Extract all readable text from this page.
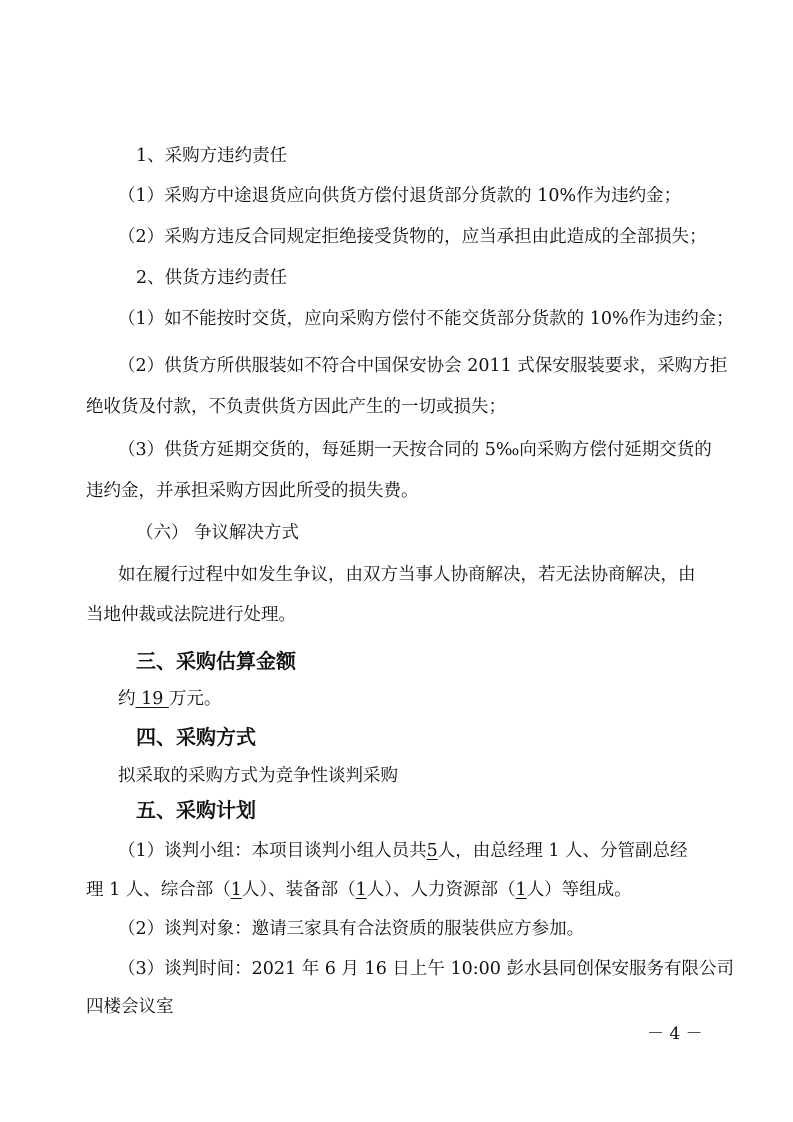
1、采购方违约责任
（1）采购方中途退货应向供货方偿付退货部分货款的 10%作为违约金；
（2）采购方违反合同规定拒绝接受货物的，应当承担由此造成的全部损失；
2、供货方违约责任
（1）如不能按时交货，应向采购方偿付不能交货部分货款的 10%作为违约金；
（2）供货方所供服装如不符合中国保安协会 2011 式保安服装要求，采购方拒
绝收货及付款，不负责供货方因此产生的一切或损失；
（3）供货方延期交货的，每延期一天按合同的 5‰向采购方偿付延期交货的
违约金，并承担采购方因此所受的损失费。
（六） 争议解决方式
如在履行过程中如发生争议，由双方当事人协商解决，若无法协商解决，由
当地仲裁或法院进行处理。
三、采购估算金额
约 19 万元。
四、采购方式
拟采取的采购方式为竞争性谈判采购
五、采购计划
（1）谈判小组：本项目谈判小组人员共5人，由总经理 1 人、分管副总经
理 1 人、综合部（1人）、装备部（1人）、人力资源部（1人）等组成。
（2）谈判对象：邀请三家具有合法资质的服装供应方参加。
（3）谈判时间：2021 年 6 月 16 日上午 10:00 彭水县同创保安服务有限公司
四楼会议室
－ 4 －
